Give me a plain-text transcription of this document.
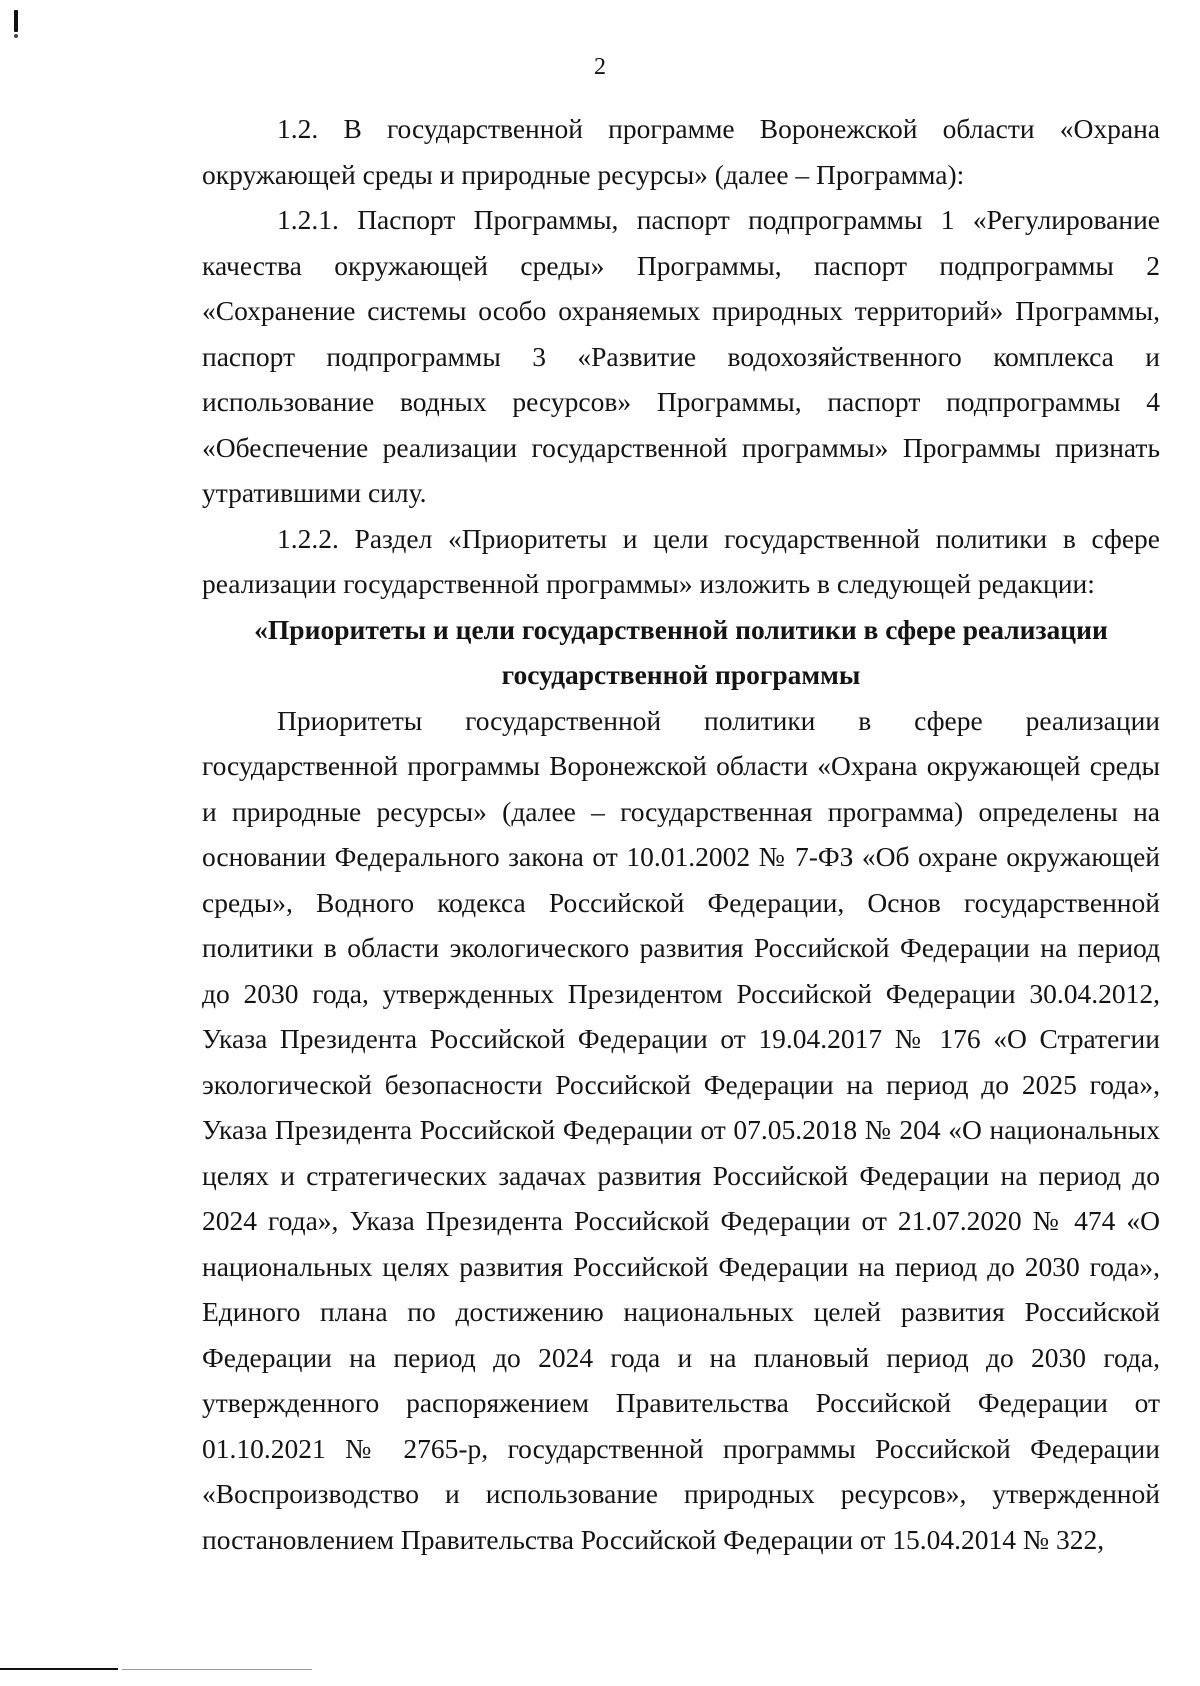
2

1.2. В государственной программе Воронежской области «Охрана окружающей среды и природные ресурсы» (далее – Программа):

1.2.1. Паспорт Программы, паспорт подпрограммы 1 «Регулирование качества окружающей среды» Программы, паспорт подпрограммы 2 «Сохранение системы особо охраняемых природных территорий» Программы, паспорт подпрограммы 3 «Развитие водохозяйственного комплекса и использование водных ресурсов» Программы, паспорт подпрограммы 4 «Обеспечение реализации государственной программы» Программы признать утратившими силу.

1.2.2. Раздел «Приоритеты и цели государственной политики в сфере реализации государственной программы» изложить в следующей редакции:

«Приоритеты и цели государственной политики в сфере реализации
государственной программы

Приоритеты государственной политики в сфере реализации государственной программы Воронежской области «Охрана окружающей среды и природные ресурсы» (далее – государственная программа) определены на основании Федерального закона от 10.01.2002 № 7-ФЗ «Об охране окружающей среды», Водного кодекса Российской Федерации, Основ государственной политики в области экологического развития Российской Федерации на период до 2030 года, утвержденных Президентом Российской Федерации 30.04.2012, Указа Президента Российской Федерации от 19.04.2017 № 176 «О Стратегии экологической безопасности Российской Федерации на период до 2025 года», Указа Президента Российской Федерации от 07.05.2018 № 204 «О национальных целях и стратегических задачах развития Российской Федерации на период до 2024 года», Указа Президента Российской Федерации от 21.07.2020 № 474 «О национальных целях развития Российской Федерации на период до 2030 года», Единого плана по достижению национальных целей развития Российской Федерации на период до 2024 года и на плановый период до 2030 года, утвержденного распоряжением Правительства Российской Федерации от 01.10.2021 № 2765-р, государственной программы Российской Федерации «Воспроизводство и использование природных ресурсов», утвержденной постановлением Правительства Российской Федерации от 15.04.2014 № 322,
